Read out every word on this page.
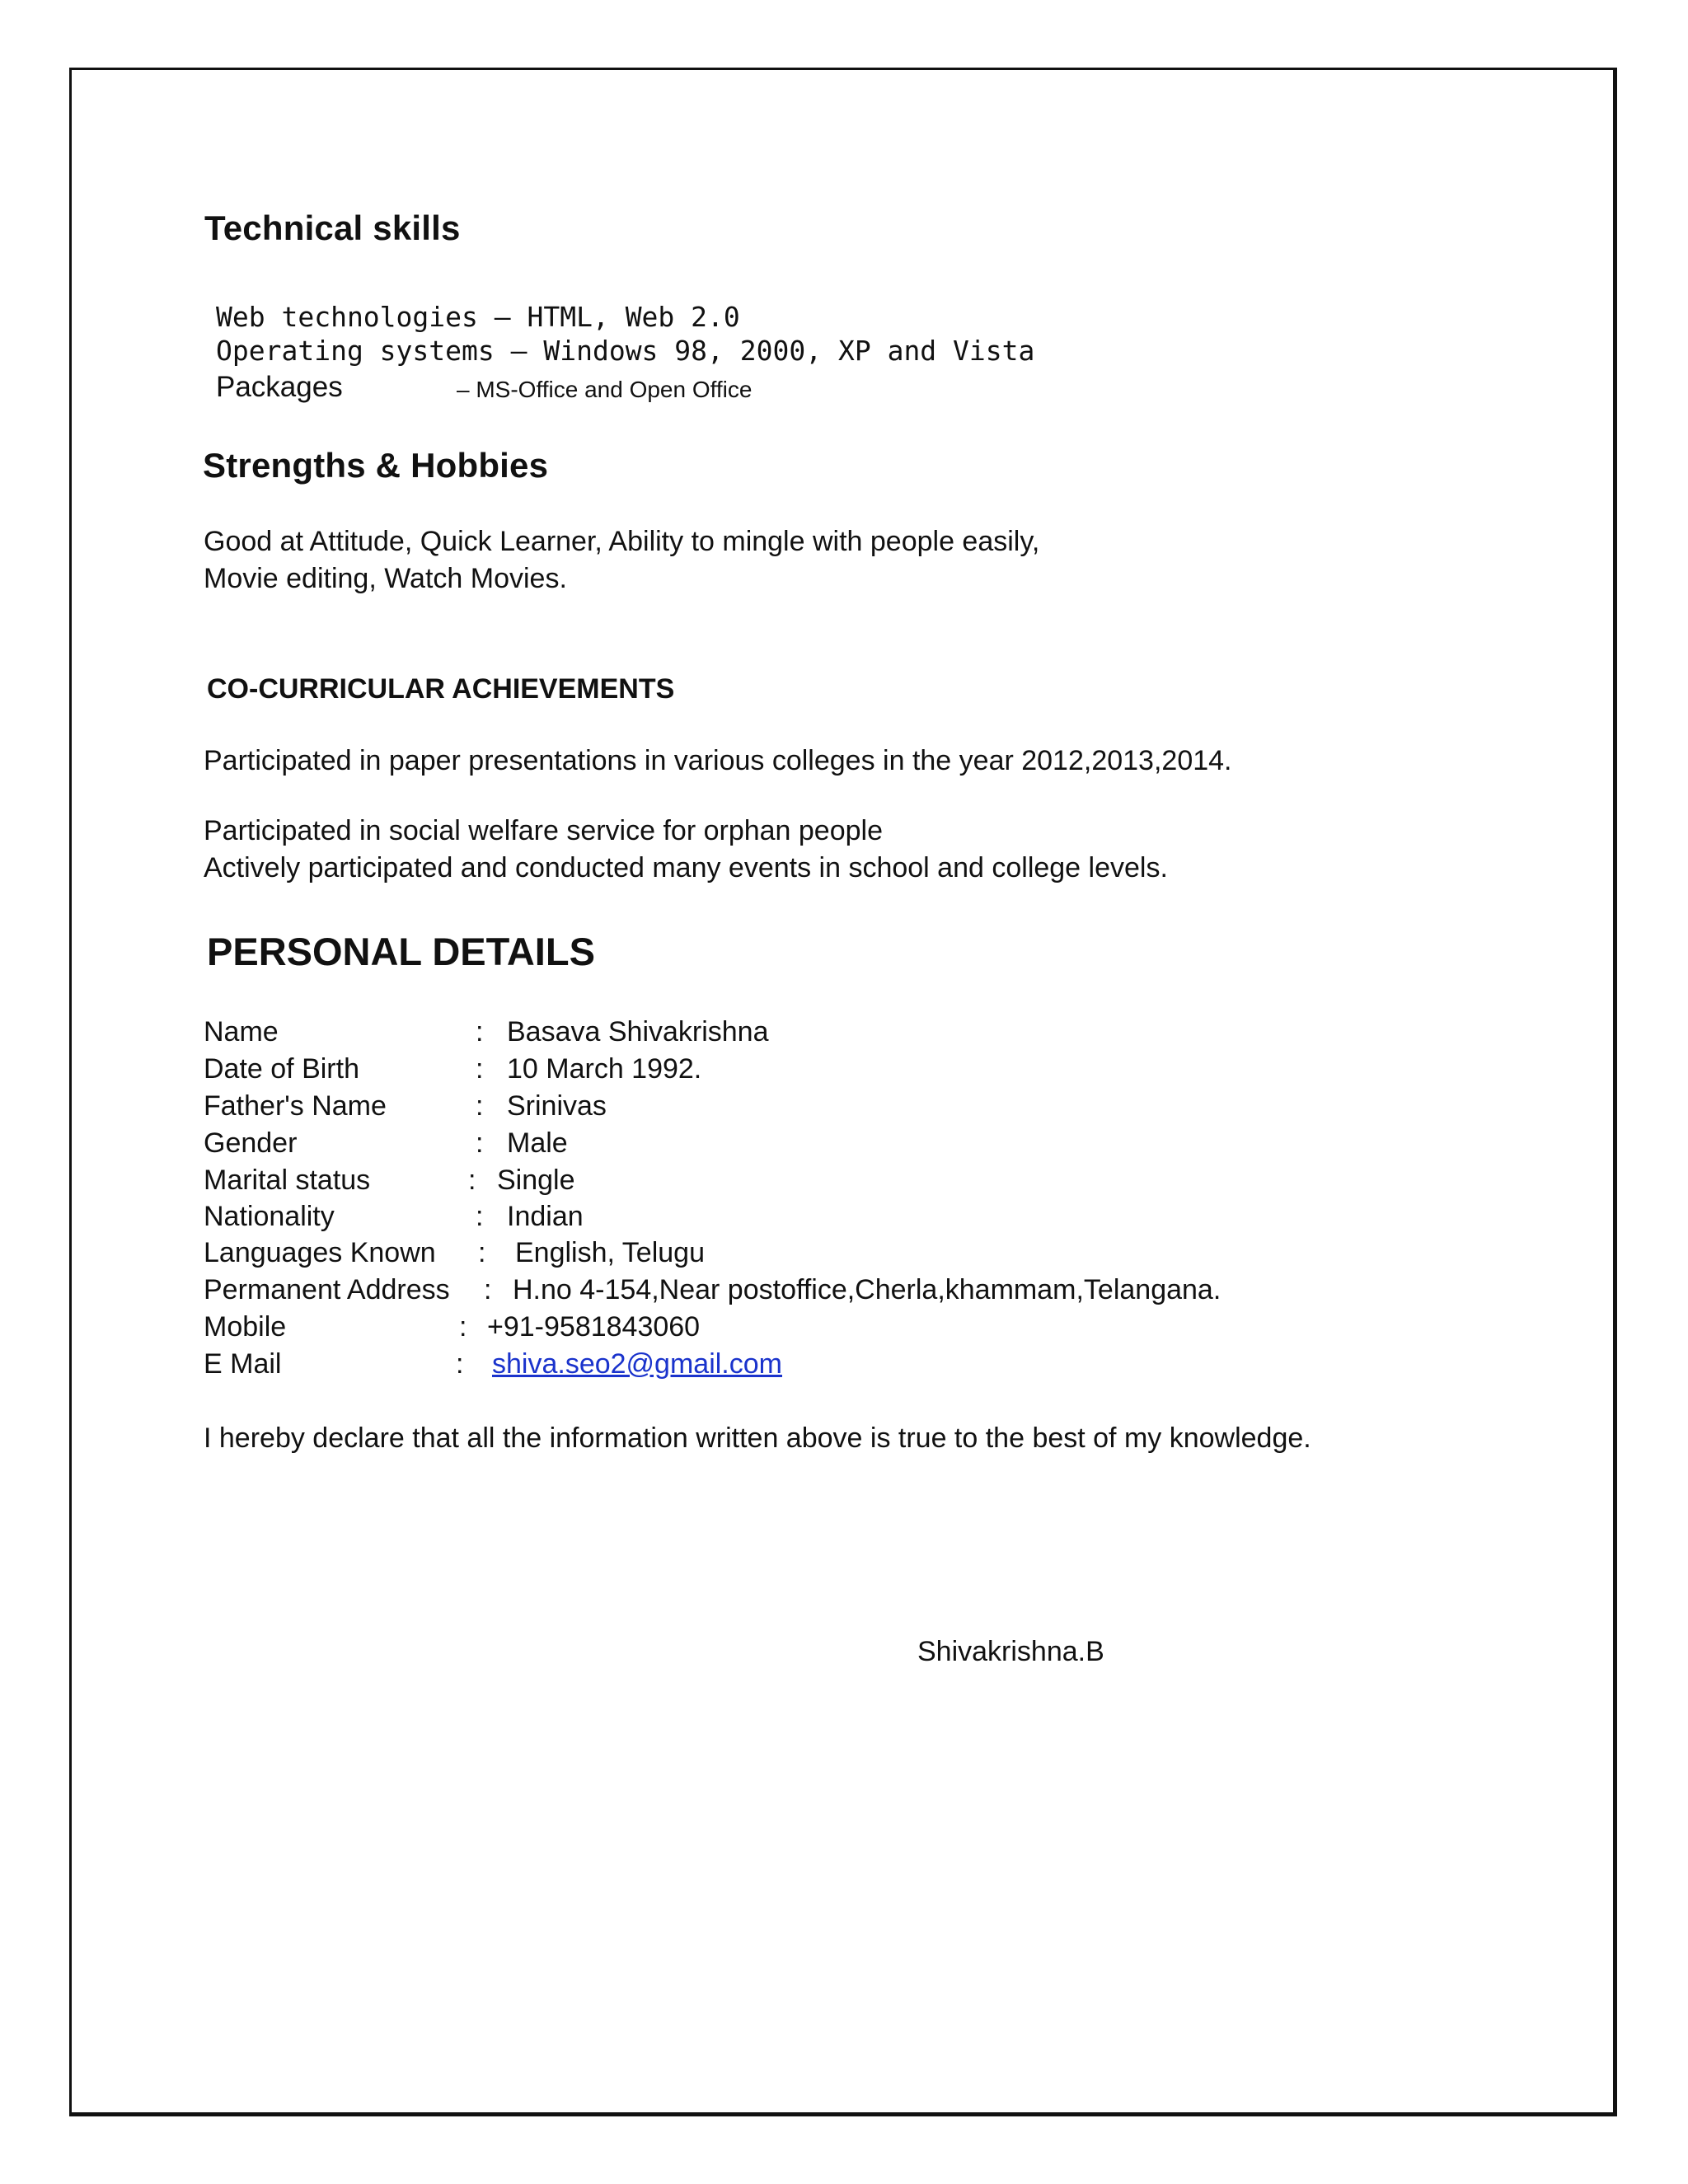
Technical skills
Web technologies – HTML, Web 2.0
Operating systems – Windows 98, 2000, XP and Vista
Packages	– MS-Office and Open Office
Strengths & Hobbies
Good at Attitude, Quick Learner, Ability to mingle with people easily,
Movie editing, Watch Movies.
CO-CURRICULAR ACHIEVEMENTS
Participated in paper presentations in various colleges in the year 2012,2013,2014.
Participated in social welfare service for orphan people
Actively participated and conducted many events in school and college levels.
PERSONAL DETAILS
Name	: Basava Shivakrishna
Date of Birth	: 10 March 1992.
Father's Name	: Srinivas
Gender	: Male
Marital status	: Single
Nationality	: Indian
Languages Known : English, Telugu
Permanent Address : H.no 4-154,Near postoffice,Cherla,khammam,Telangana.
Mobile	: +91-9581843060
E Mail	: shiva.seo2@gmail.com
I hereby declare that all the information written above is true to the best of my knowledge.
Shivakrishna.B
